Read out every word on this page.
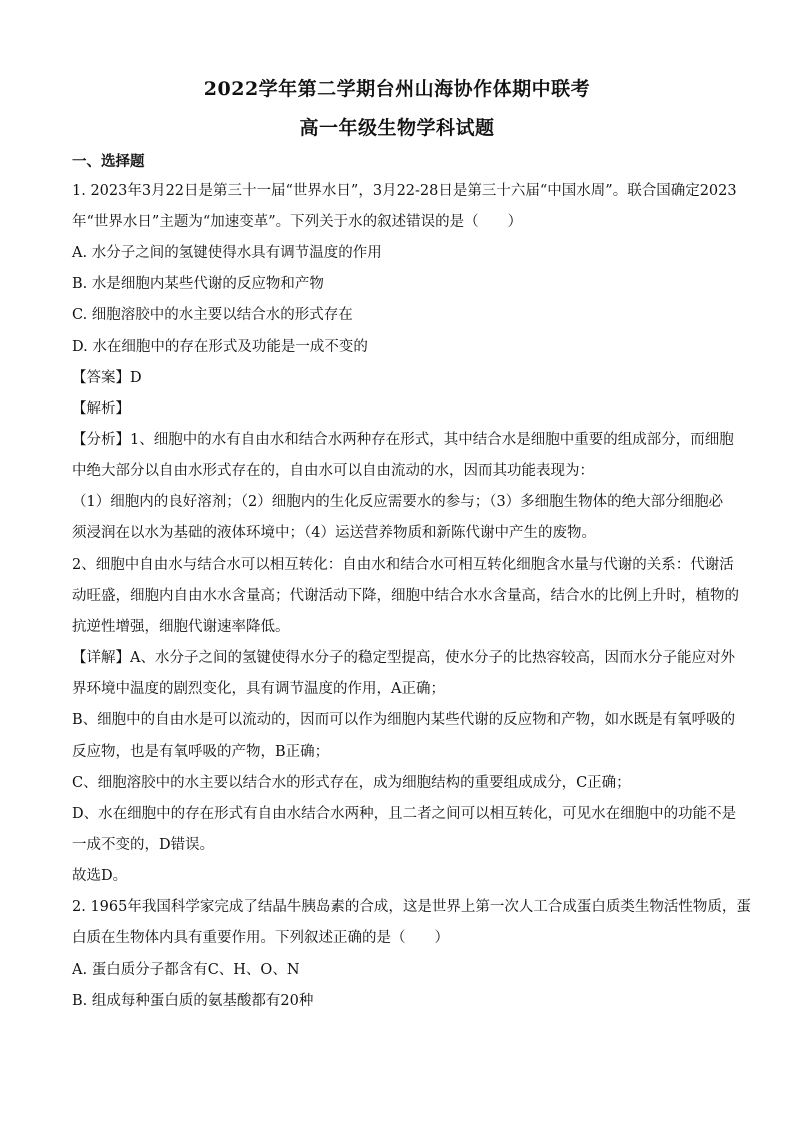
2022学年第二学期台州山海协作体期中联考
高一年级生物学科试题
一、选择题
1. 2023年3月22日是第三十一届“世界水日”，3月22-28日是第三十六届“中国水周”。联合国确定2023
年“世界水日”主题为“加速变革”。下列关于水的叙述错误的是（　　）
A. 水分子之间的氢键使得水具有调节温度的作用
B. 水是细胞内某些代谢的反应物和产物
C. 细胞溶胶中的水主要以结合水的形式存在
D. 水在细胞中的存在形式及功能是一成不变的
【答案】D
【解析】
【分析】1、细胞中的水有自由水和结合水两种存在形式，其中结合水是细胞中重要的组成部分，而细胞
中绝大部分以自由水形式存在的，自由水可以自由流动的水，因而其功能表现为：
（1）细胞内的良好溶剂；（2）细胞内的生化反应需要水的参与；（3）多细胞生物体的绝大部分细胞必
须浸润在以水为基础的液体环境中；（4）运送营养物质和新陈代谢中产生的废物。
2、细胞中自由水与结合水可以相互转化：自由水和结合水可相互转化细胞含水量与代谢的关系：代谢活
动旺盛，细胞内自由水水含量高；代谢活动下降，细胞中结合水水含量高，结合水的比例上升时，植物的
抗逆性增强，细胞代谢速率降低。
【详解】A、水分子之间的氢键使得水分子的稳定型提高，使水分子的比热容较高，因而水分子能应对外
界环境中温度的剧烈变化，具有调节温度的作用，A正确；
B、细胞中的自由水是可以流动的，因而可以作为细胞内某些代谢的反应物和产物，如水既是有氧呼吸的
反应物，也是有氧呼吸的产物，B正确；
C、细胞溶胶中的水主要以结合水的形式存在，成为细胞结构的重要组成成分，C正确；
D、水在细胞中的存在形式有自由水结合水两种，且二者之间可以相互转化，可见水在细胞中的功能不是
一成不变的，D错误。
故选D。
2. 1965年我国科学家完成了结晶牛胰岛素的合成，这是世界上第一次人工合成蛋白质类生物活性物质，蛋
白质在生物体内具有重要作用。下列叙述正确的是（　　）
A. 蛋白质分子都含有C、H、O、N
B. 组成每种蛋白质的氨基酸都有20种
